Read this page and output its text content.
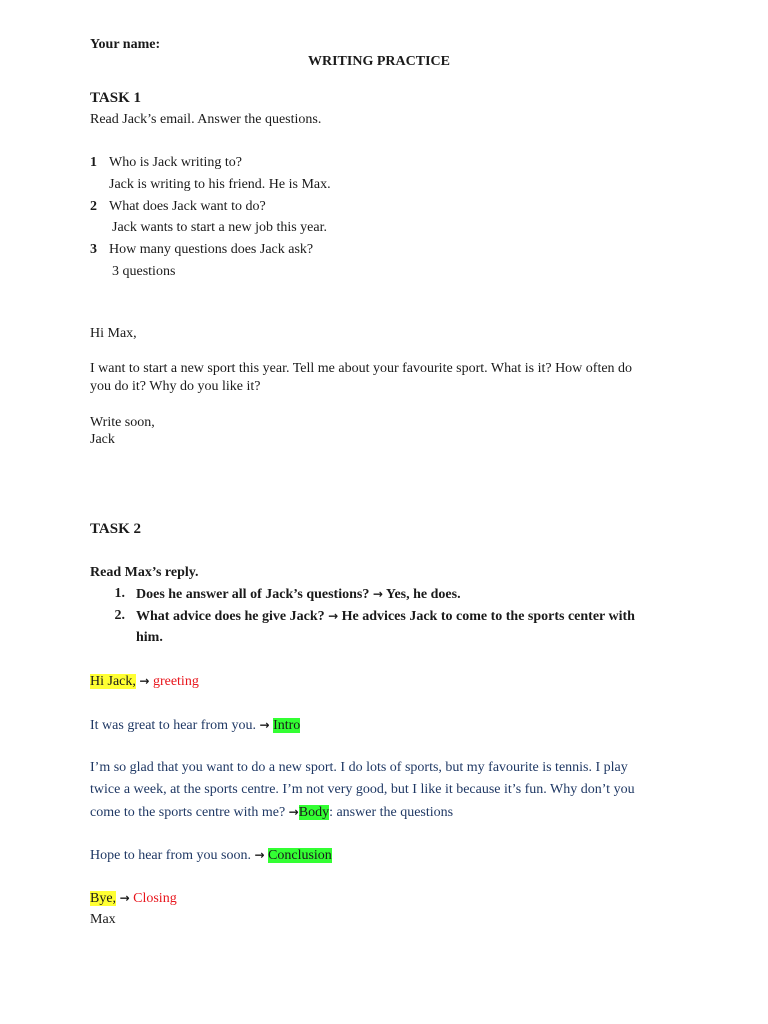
Your name:
WRITING PRACTICE
TASK 1
Read Jack’s email. Answer the questions.
1 Who is Jack writing to?
Jack is writing to his friend. He is Max.
2 What does Jack want to do?
Jack wants to start a new job this year.
3 How many questions does Jack ask?
3 questions
Hi Max,
I want to start a new sport this year. Tell me about your favourite sport. What is it? How often do
you do it? Why do you like it?
Write soon,
Jack
TASK 2
Read Max’s reply.
1. Does he answer all of Jack’s questions? → Yes, he does.
2. What advice does he give Jack? → He advices Jack to come to the sports center with
him.
Hi Jack, → greeting
It was great to hear from you. → Intro
I’m so glad that you want to do a new sport. I do lots of sports, but my favourite is tennis. I play
twice a week, at the sports centre. I’m not very good, but I like it because it’s fun. Why don’t you
come to the sports centre with me? →Body: answer the questions
Hope to hear from you soon. → Conclusion
Bye, → Closing
Max
